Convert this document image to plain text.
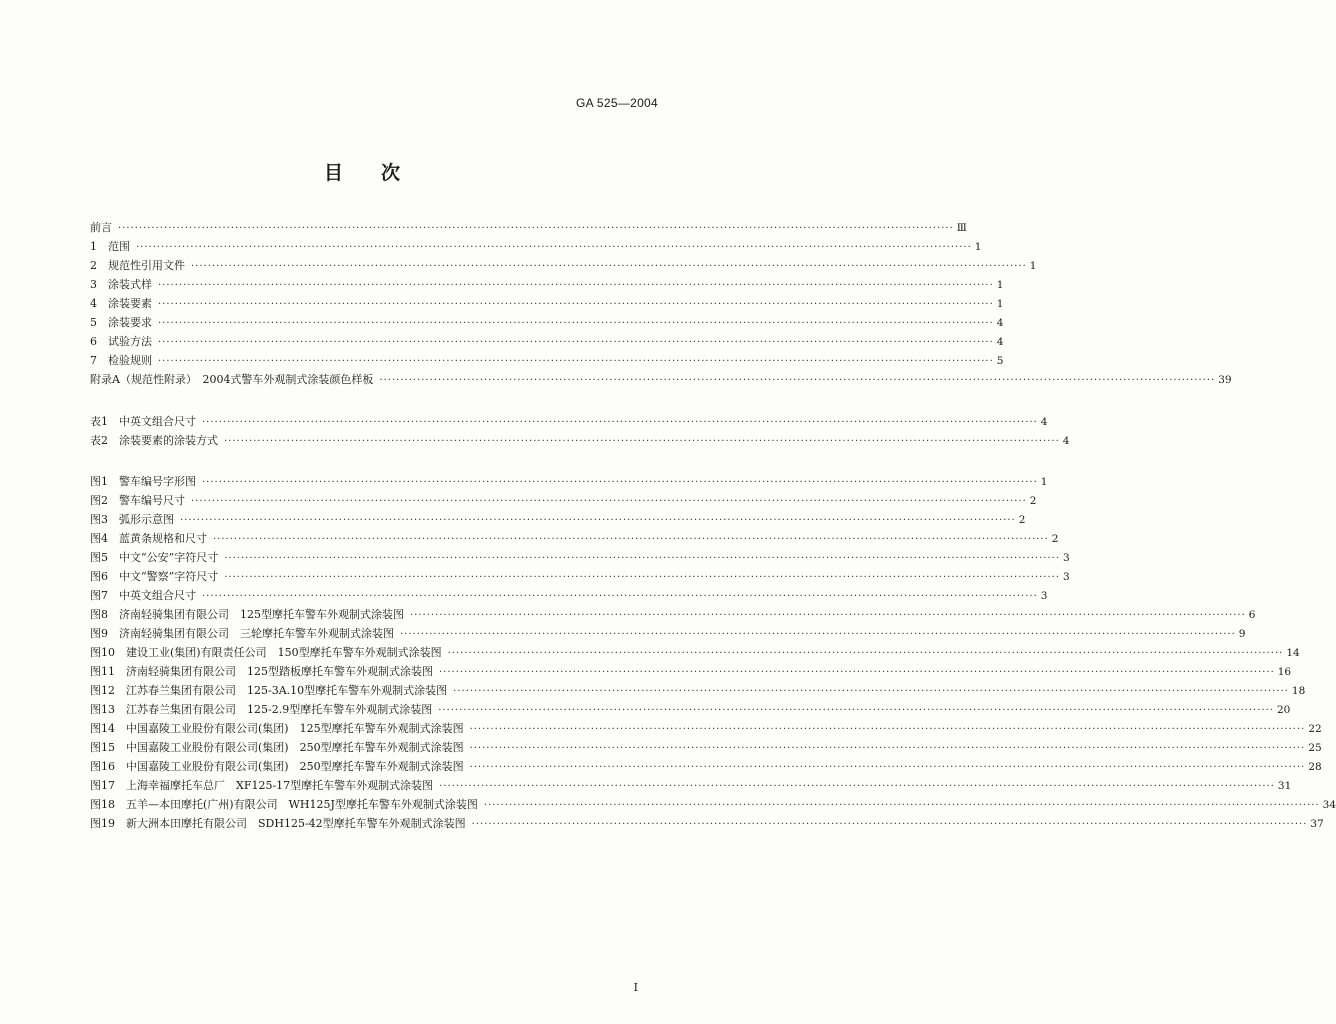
GA 525—2004
目　　次
前言 ········································································································································································································ Ⅲ
1　范围 ········································································································································································································ 1
2　规范性引用文件 ········································································································································································································ 1
3　涂装式样 ········································································································································································································ 1
4　涂装要素 ········································································································································································································ 1
5　涂装要求 ········································································································································································································ 4
6　试验方法 ········································································································································································································ 4
7　检验规则 ········································································································································································································ 5
附录A（规范性附录）　2004式警车外观制式涂装颜色样板 ········································································································································································································ 39
表1　中英文组合尺寸 ········································································································································································································ 4
表2　涂装要素的涂装方式 ········································································································································································································ 4
图1　警车编号字形图 ········································································································································································································ 1
图2　警车编号尺寸 ········································································································································································································ 2
图3　弧形示意图 ········································································································································································································ 2
图4　蓝黄条规格和尺寸 ········································································································································································································ 2
图5　中文“公安”字符尺寸 ········································································································································································································ 3
图6　中文“警察”字符尺寸 ········································································································································································································ 3
图7　中英文组合尺寸 ········································································································································································································ 3
图8　济南轻骑集团有限公司　125型摩托车警车外观制式涂装图 ········································································································································································································ 6
图9　济南轻骑集团有限公司　三轮摩托车警车外观制式涂装图 ········································································································································································································ 9
图10　建设工业(集团)有限责任公司　150型摩托车警车外观制式涂装图 ········································································································································································································ 14
图11　济南轻骑集团有限公司　125型踏板摩托车警车外观制式涂装图 ········································································································································································································ 16
图12　江苏春兰集团有限公司　125-3A.10型摩托车警车外观制式涂装图 ········································································································································································································ 18
图13　江苏春兰集团有限公司　125-2.9型摩托车警车外观制式涂装图 ········································································································································································································ 20
图14　中国嘉陵工业股份有限公司(集团)　125型摩托车警车外观制式涂装图 ········································································································································································································ 22
图15　中国嘉陵工业股份有限公司(集团)　250型摩托车警车外观制式涂装图 ········································································································································································································ 25
图16　中国嘉陵工业股份有限公司(集团)　250型摩托车警车外观制式涂装图 ········································································································································································································ 28
图17　上海幸福摩托车总厂　XF125-17型摩托车警车外观制式涂装图 ········································································································································································································ 31
图18　五羊—本田摩托(广州)有限公司　WH125J型摩托车警车外观制式涂装图 ········································································································································································································ 34
图19　新大洲本田摩托有限公司　SDH125-42型摩托车警车外观制式涂装图 ········································································································································································································ 37
I
